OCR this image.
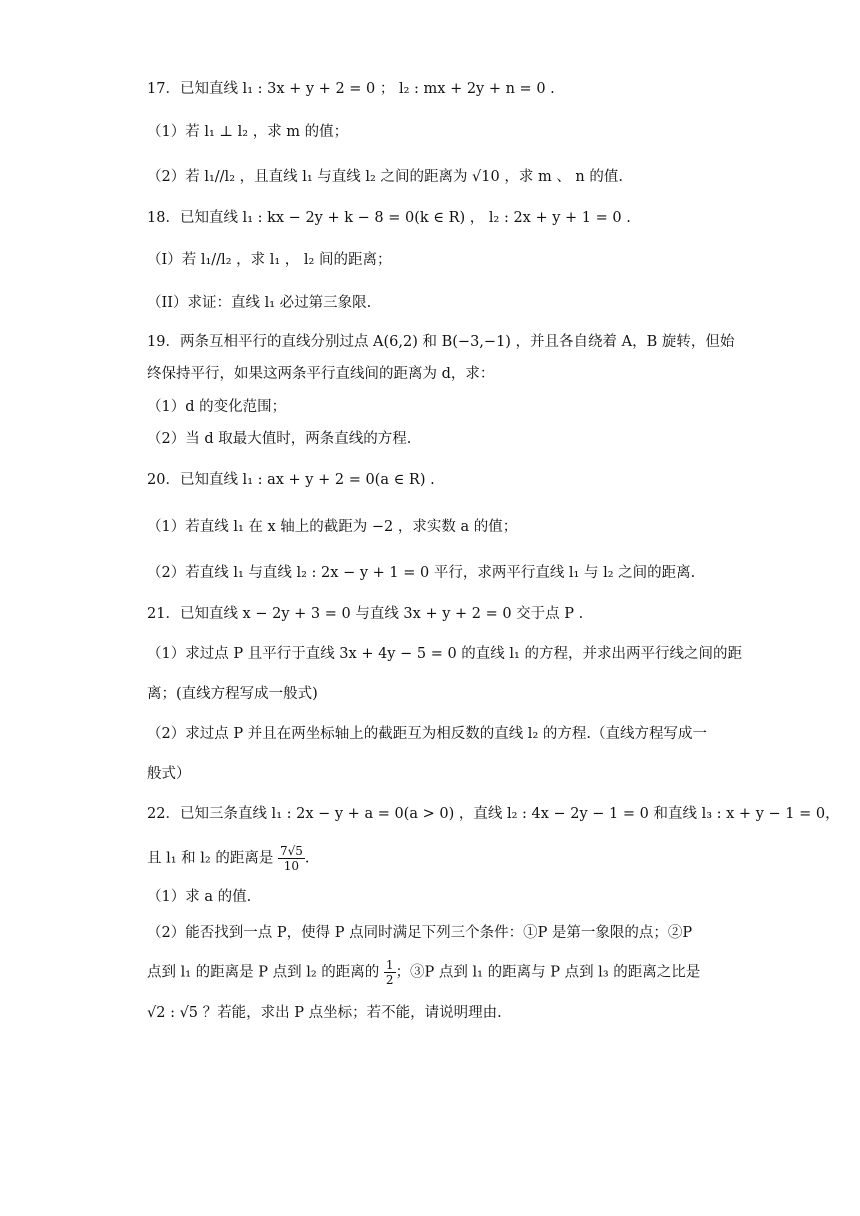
17．已知直线 l₁ : 3x + y + 2 = 0 ； l₂ : mx + 2y + n = 0 .
（1）若 l₁ ⊥ l₂ ，求 m 的值；
（2）若 l₁//l₂ ，且直线 l₁ 与直线 l₂ 之间的距离为 √10 ，求 m 、 n 的值.
18．已知直线 l₁ : kx − 2y + k − 8 = 0(k ∈ R) ， l₂ : 2x + y + 1 = 0 .
（I）若 l₁//l₂ ，求 l₁ ， l₂ 间的距离；
（II）求证：直线 l₁ 必过第三象限.
19．两条互相平行的直线分别过点 A(6,2) 和 B(−3,−1) ，并且各自绕着 A，B 旋转，但始
终保持平行，如果这两条平行直线间的距离为 d，求：
（1）d 的变化范围；
（2）当 d 取最大值时，两条直线的方程.
20．已知直线 l₁ : ax + y + 2 = 0(a ∈ R) .
（1）若直线 l₁ 在 x 轴上的截距为 −2 ，求实数 a 的值；
（2）若直线 l₁ 与直线 l₂ : 2x − y + 1 = 0 平行，求两平行直线 l₁ 与 l₂ 之间的距离.
21．已知直线 x − 2y + 3 = 0 与直线 3x + y + 2 = 0 交于点 P .
（1）求过点 P 且平行于直线 3x + 4y − 5 = 0 的直线 l₁ 的方程，并求出两平行线之间的距
离；(直线方程写成一般式)
（2）求过点 P 并且在两坐标轴上的截距互为相反数的直线 l₂ 的方程.（直线方程写成一
般式）
22．已知三条直线 l₁ : 2x − y + a = 0(a > 0) ，直线 l₂ : 4x − 2y − 1 = 0 和直线 l₃ : x + y − 1 = 0，
且 l₁ 和 l₂ 的距离是 $\frac{7√5}{10}$ .
（1）求 a 的值.
（2）能否找到一点 P，使得 P 点同时满足下列三个条件：①P 是第一象限的点；②P
点到 l₁ 的距离是 P 点到 l₂ 的距离的 $\frac{1}{2}$ ；③P 点到 l₁ 的距离与 P 点到 l₃ 的距离之比是
√2 : √5 ？若能，求出 P 点坐标；若不能，请说明理由.
